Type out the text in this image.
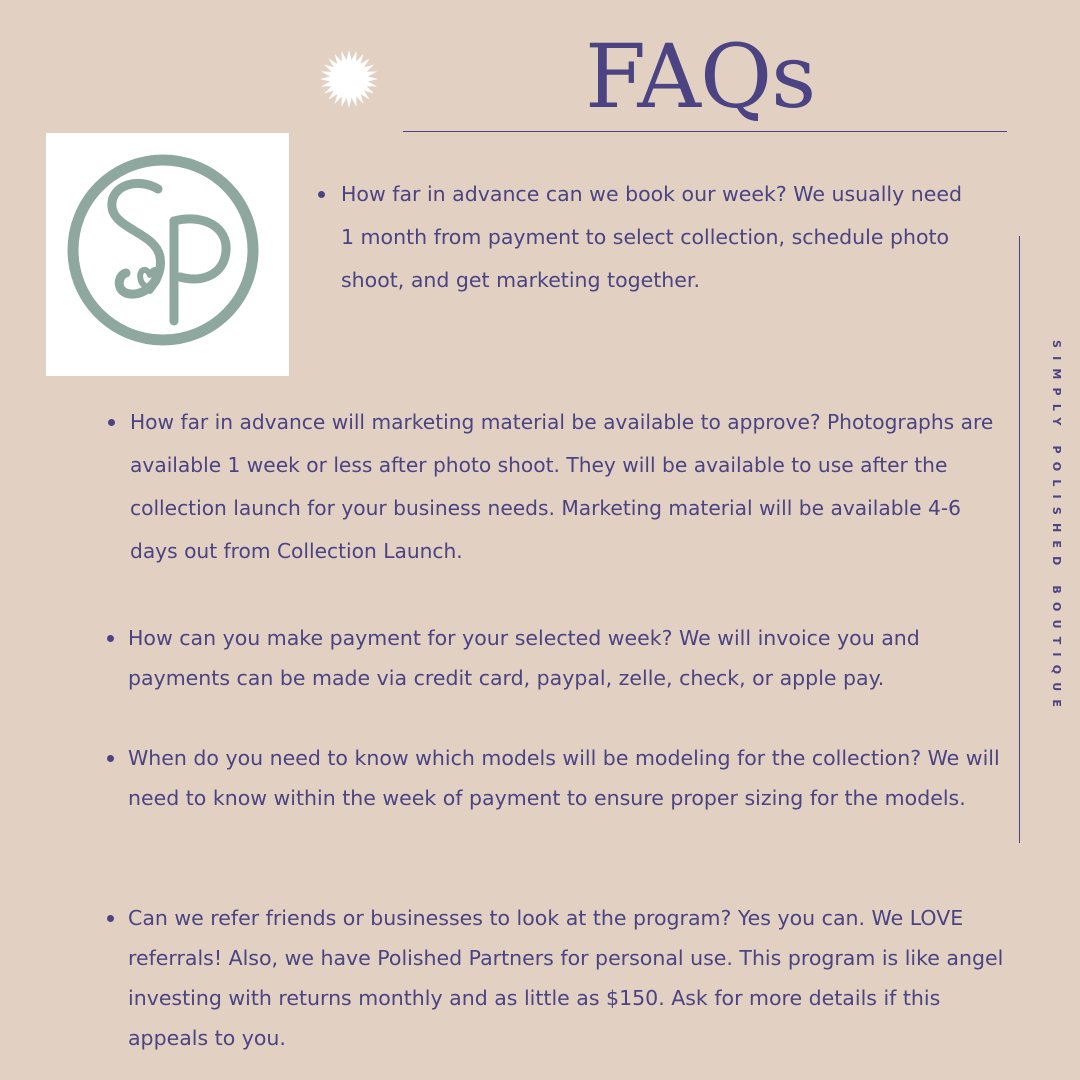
FAQs
SIMPLY POLISHED BOUTIQUE

How far in advance can we book our week? We usually need 1 month from payment to select collection, schedule photo shoot, and get marketing together.

How far in advance will marketing material be available to approve? Photographs are available 1 week or less after photo shoot. They will be available to use after the collection launch for your business needs. Marketing material will be available 4-6 days out from Collection Launch.

How can you make payment for your selected week? We will invoice you and payments can be made via credit card, paypal, zelle, check, or apple pay.

When do you need to know which models will be modeling for the collection? We will need to know within the week of payment to ensure proper sizing for the models.

Can we refer friends or businesses to look at the program? Yes you can. We LOVE referrals! Also, we have Polished Partners for personal use. This program is like angel investing with returns monthly and as little as $150. Ask for more details if this appeals to you.
